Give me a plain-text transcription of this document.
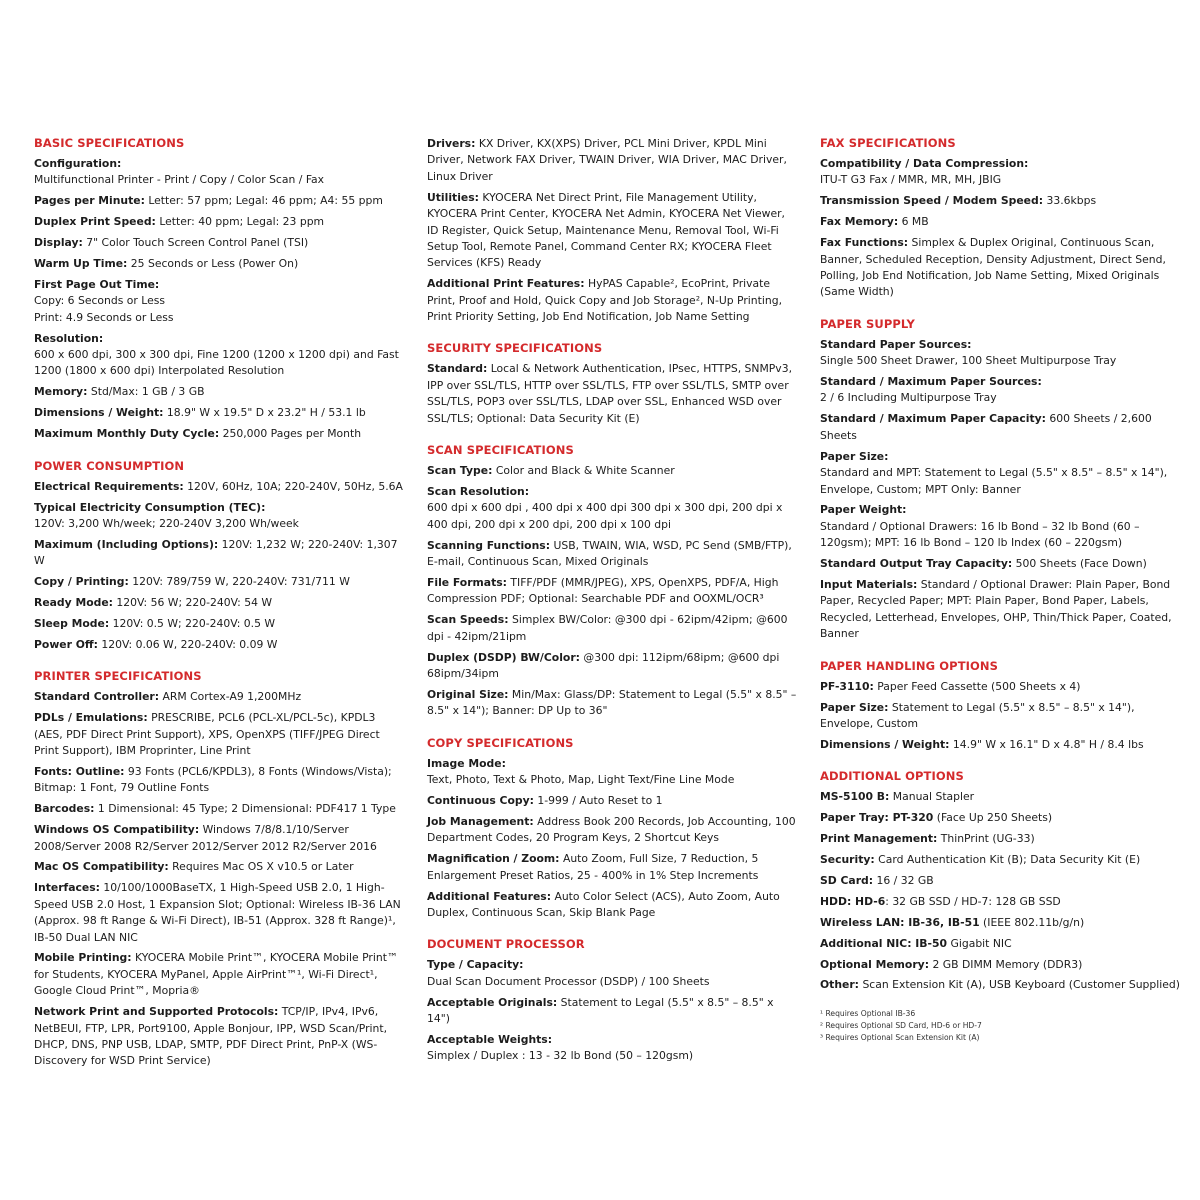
BASIC SPECIFICATIONS
Configuration:
Multifunctional Printer - Print / Copy / Color Scan / Fax
Pages per Minute: Letter: 57 ppm; Legal: 46 ppm; A4: 55 ppm
Duplex Print Speed: Letter: 40 ppm; Legal: 23 ppm
Display: 7" Color Touch Screen Control Panel (TSI)
Warm Up Time: 25 Seconds or Less (Power On)
First Page Out Time:
Copy: 6 Seconds or Less
Print: 4.9 Seconds or Less
Resolution:
600 x 600 dpi, 300 x 300 dpi, Fine 1200 (1200 x 1200 dpi) and Fast 1200 (1800 x 600 dpi) Interpolated Resolution
Memory: Std/Max: 1 GB / 3 GB
Dimensions / Weight: 18.9" W x 19.5" D x 23.2" H / 53.1 lb
Maximum Monthly Duty Cycle: 250,000 Pages per Month
POWER CONSUMPTION
Electrical Requirements: 120V, 60Hz, 10A; 220-240V, 50Hz, 5.6A
Typical Electricity Consumption (TEC):
120V: 3,200 Wh/week; 220-240V 3,200 Wh/week
Maximum (Including Options): 120V: 1,232 W; 220-240V: 1,307 W
Copy / Printing: 120V: 789/759 W, 220-240V: 731/711 W
Ready Mode: 120V: 56 W; 220-240V: 54 W
Sleep Mode: 120V: 0.5 W; 220-240V: 0.5 W
Power Off: 120V: 0.06 W, 220-240V: 0.09 W
PRINTER SPECIFICATIONS
Standard Controller: ARM Cortex-A9 1,200MHz
PDLs / Emulations: PRESCRIBE, PCL6 (PCL-XL/PCL-5c), KPDL3 (AES, PDF Direct Print Support), XPS, OpenXPS (TIFF/JPEG Direct Print Support), IBM Proprinter, Line Print
Fonts: Outline: 93 Fonts (PCL6/KPDL3), 8 Fonts (Windows/Vista); Bitmap: 1 Font, 79 Outline Fonts
Barcodes: 1 Dimensional: 45 Type; 2 Dimensional: PDF417 1 Type
Windows OS Compatibility: Windows 7/8/8.1/10/Server 2008/Server 2008 R2/Server 2012/Server 2012 R2/Server 2016
Mac OS Compatibility: Requires Mac OS X v10.5 or Later
Interfaces: 10/100/1000BaseTX, 1 High-Speed USB 2.0, 1 High-Speed USB 2.0 Host, 1 Expansion Slot; Optional: Wireless IB-36 LAN (Approx. 98 ft Range & Wi-Fi Direct), IB-51 (Approx. 328 ft Range)¹, IB-50 Dual LAN NIC
Mobile Printing: KYOCERA Mobile Print™, KYOCERA Mobile Print™ for Students, KYOCERA MyPanel, Apple AirPrint™¹, Wi-Fi Direct¹, Google Cloud Print™, Mopria®
Network Print and Supported Protocols: TCP/IP, IPv4, IPv6, NetBEUI, FTP, LPR, Port9100, Apple Bonjour, IPP, WSD Scan/Print, DHCP, DNS, PNP USB, LDAP, SMTP, PDF Direct Print, PnP-X (WS-Discovery for WSD Print Service)
Drivers: KX Driver, KX(XPS) Driver, PCL Mini Driver, KPDL Mini Driver, Network FAX Driver, TWAIN Driver, WIA Driver, MAC Driver, Linux Driver
Utilities: KYOCERA Net Direct Print, File Management Utility, KYOCERA Print Center, KYOCERA Net Admin, KYOCERA Net Viewer, ID Register, Quick Setup, Maintenance Menu, Removal Tool, Wi-Fi Setup Tool, Remote Panel, Command Center RX; KYOCERA Fleet Services (KFS) Ready
Additional Print Features: HyPAS Capable², EcoPrint, Private Print, Proof and Hold, Quick Copy and Job Storage², N-Up Printing, Print Priority Setting, Job End Notification, Job Name Setting
SECURITY SPECIFICATIONS
Standard: Local & Network Authentication, IPsec, HTTPS, SNMPv3, IPP over SSL/TLS, HTTP over SSL/TLS, FTP over SSL/TLS, SMTP over SSL/TLS, POP3 over SSL/TLS, LDAP over SSL, Enhanced WSD over SSL/TLS; Optional: Data Security Kit (E)
SCAN SPECIFICATIONS
Scan Type: Color and Black & White Scanner
Scan Resolution:
600 dpi x 600 dpi , 400 dpi x 400 dpi 300 dpi x 300 dpi, 200 dpi x 400 dpi, 200 dpi x 200 dpi, 200 dpi x 100 dpi
Scanning Functions: USB, TWAIN, WIA, WSD, PC Send (SMB/FTP), E-mail, Continuous Scan, Mixed Originals
File Formats: TIFF/PDF (MMR/JPEG), XPS, OpenXPS, PDF/A, High Compression PDF; Optional: Searchable PDF and OOXML/OCR³
Scan Speeds: Simplex BW/Color: @300 dpi - 62ipm/42ipm; @600 dpi - 42ipm/21ipm
Duplex (DSDP) BW/Color: @300 dpi: 112ipm/68ipm; @600 dpi 68ipm/34ipm
Original Size: Min/Max: Glass/DP: Statement to Legal (5.5" x 8.5" – 8.5" x 14"); Banner: DP Up to 36"
COPY SPECIFICATIONS
Image Mode:
Text, Photo, Text & Photo, Map, Light Text/Fine Line Mode
Continuous Copy: 1-999 / Auto Reset to 1
Job Management: Address Book 200 Records, Job Accounting, 100 Department Codes, 20 Program Keys, 2 Shortcut Keys
Magnification / Zoom: Auto Zoom, Full Size, 7 Reduction, 5 Enlargement Preset Ratios, 25 - 400% in 1% Step Increments
Additional Features: Auto Color Select (ACS), Auto Zoom, Auto Duplex, Continuous Scan, Skip Blank Page
DOCUMENT PROCESSOR
Type / Capacity:
Dual Scan Document Processor (DSDP) / 100 Sheets
Acceptable Originals: Statement to Legal (5.5" x 8.5" – 8.5" x 14")
Acceptable Weights:
Simplex / Duplex : 13 - 32 lb Bond (50 – 120gsm)
FAX SPECIFICATIONS
Compatibility / Data Compression:
ITU-T G3 Fax / MMR, MR, MH, JBIG
Transmission Speed / Modem Speed: 33.6kbps
Fax Memory: 6 MB
Fax Functions: Simplex & Duplex Original, Continuous Scan, Banner, Scheduled Reception, Density Adjustment, Direct Send, Polling, Job End Notification, Job Name Setting, Mixed Originals (Same Width)
PAPER SUPPLY
Standard Paper Sources:
Single 500 Sheet Drawer, 100 Sheet Multipurpose Tray
Standard / Maximum Paper Sources:
2 / 6 Including Multipurpose Tray
Standard / Maximum Paper Capacity: 600 Sheets / 2,600 Sheets
Paper Size:
Standard and MPT: Statement to Legal (5.5" x 8.5" – 8.5" x 14"), Envelope, Custom; MPT Only: Banner
Paper Weight:
Standard / Optional Drawers: 16 lb Bond – 32 lb Bond (60 – 120gsm); MPT: 16 lb Bond – 120 lb Index (60 – 220gsm)
Standard Output Tray Capacity: 500 Sheets (Face Down)
Input Materials: Standard / Optional Drawer: Plain Paper, Bond Paper, Recycled Paper; MPT: Plain Paper, Bond Paper, Labels, Recycled, Letterhead, Envelopes, OHP, Thin/Thick Paper, Coated, Banner
PAPER HANDLING OPTIONS
PF-3110: Paper Feed Cassette (500 Sheets x 4)
Paper Size: Statement to Legal (5.5" x 8.5" – 8.5" x 14"), Envelope, Custom
Dimensions / Weight: 14.9" W x 16.1" D x 4.8" H / 8.4 lbs
ADDITIONAL OPTIONS
MS-5100 B: Manual Stapler
Paper Tray: PT-320 (Face Up 250 Sheets)
Print Management: ThinPrint (UG-33)
Security: Card Authentication Kit (B); Data Security Kit (E)
SD Card: 16 / 32 GB
HDD: HD-6: 32 GB SSD / HD-7: 128 GB SSD
Wireless LAN: IB-36, IB-51 (IEEE 802.11b/g/n)
Additional NIC: IB-50 Gigabit NIC
Optional Memory: 2 GB DIMM Memory (DDR3)
Other: Scan Extension Kit (A), USB Keyboard (Customer Supplied)
¹ Requires Optional IB-36
² Requires Optional SD Card, HD-6 or HD-7
³ Requires Optional Scan Extension Kit (A)
